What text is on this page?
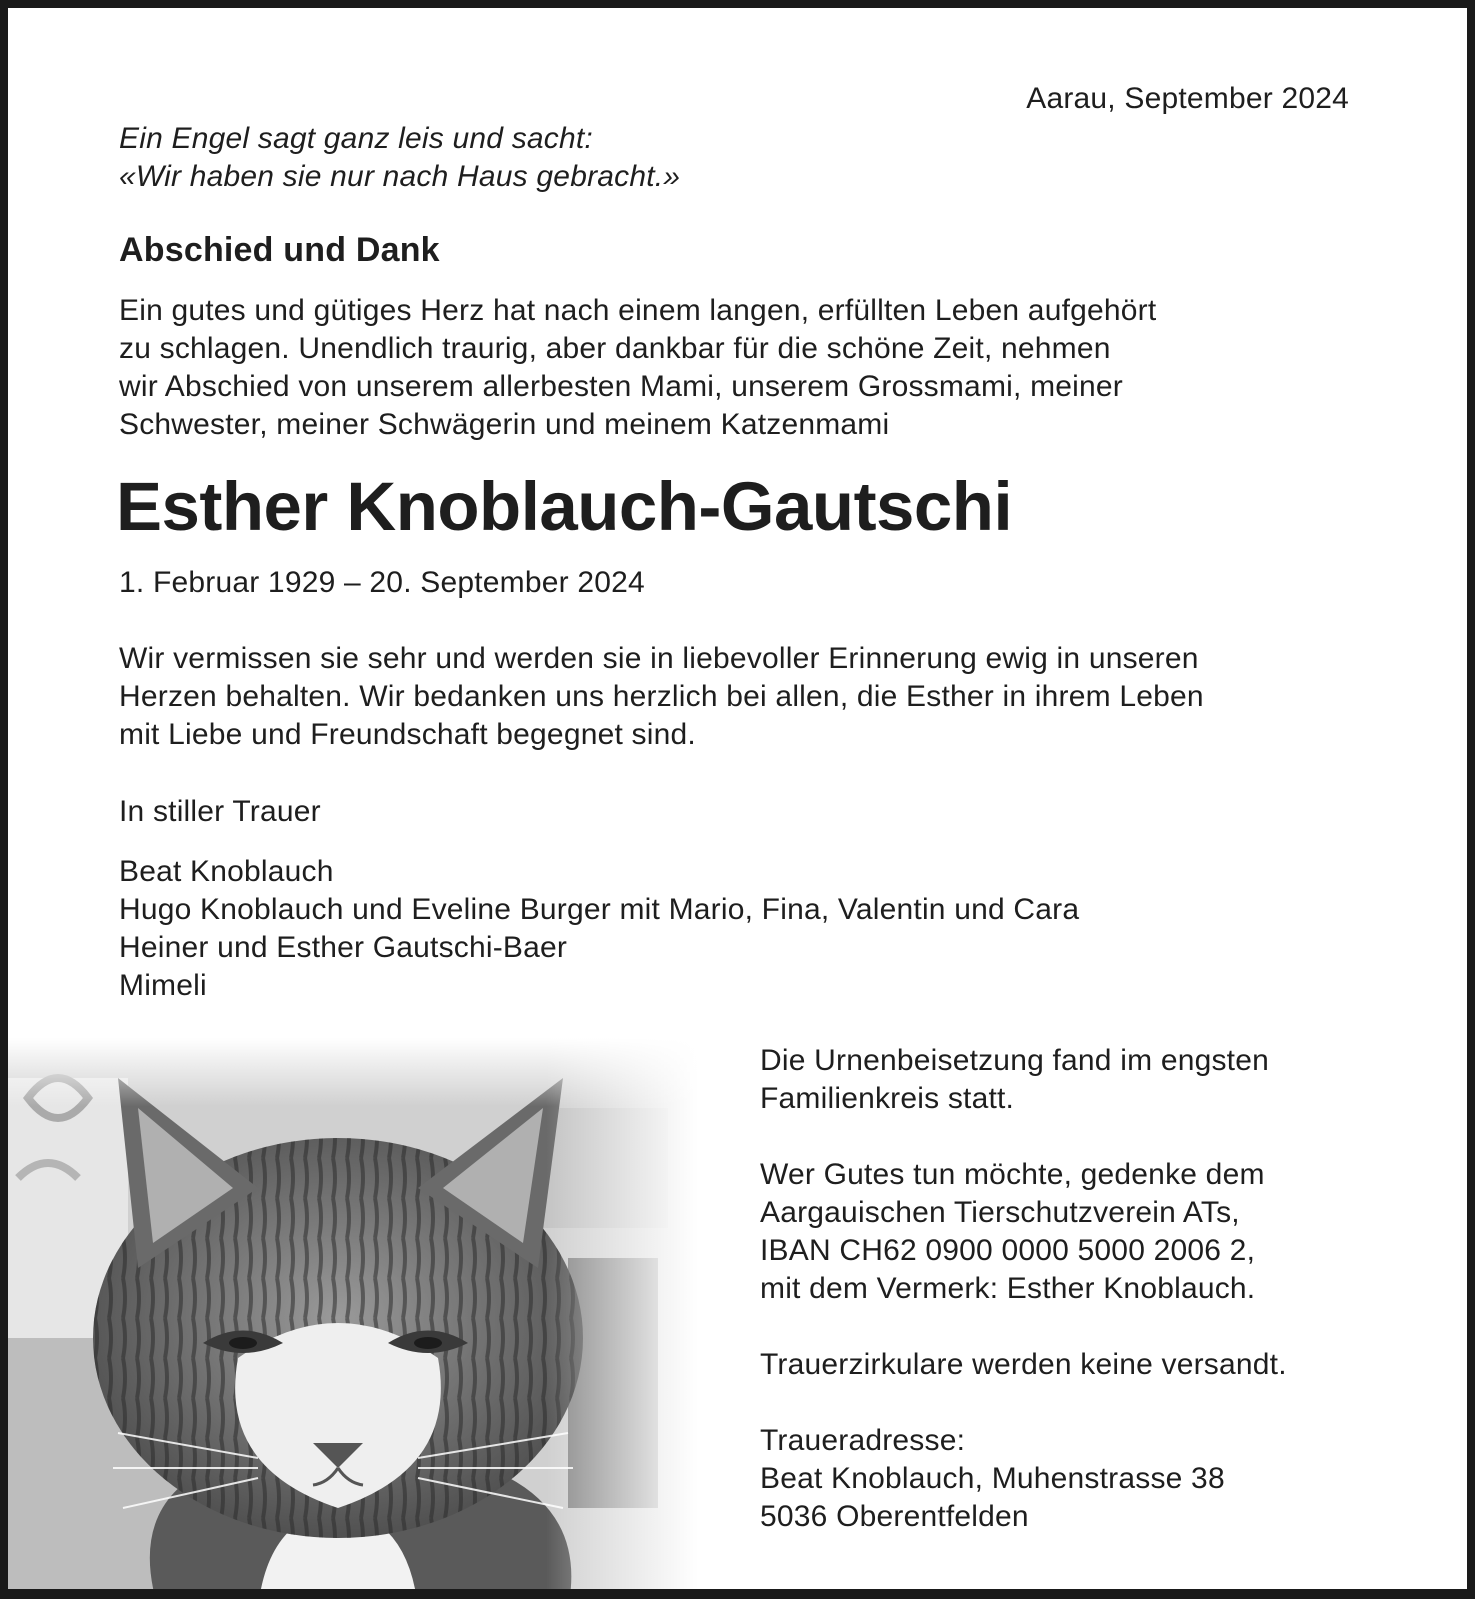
Aarau, September 2024
Ein Engel sagt ganz leis und sacht:
«Wir haben sie nur nach Haus gebracht.»
Abschied und Dank
Ein gutes und gütiges Herz hat nach einem langen, erfüllten Leben aufgehört
zu schlagen. Unendlich traurig, aber dankbar für die schöne Zeit, nehmen
wir Abschied von unserem allerbesten Mami, unserem Grossmami, meiner
Schwester, meiner Schwägerin und meinem Katzenmami
Esther Knoblauch-Gautschi
1. Februar 1929 – 20. September 2024
Wir vermissen sie sehr und werden sie in liebevoller Erinnerung ewig in unseren
Herzen behalten. Wir bedanken uns herzlich bei allen, die Esther in ihrem Leben
mit Liebe und Freundschaft begegnet sind.
In stiller Trauer
Beat Knoblauch
Hugo Knoblauch und Eveline Burger mit Mario, Fina, Valentin und Cara
Heiner und Esther Gautschi-Baer
Mimeli
Die Urnenbeisetzung fand im engsten
Familienkreis statt.
Wer Gutes tun möchte, gedenke dem
Aargauischen Tierschutzverein ATs,
IBAN CH62 0900 0000 5000 2006 2,
mit dem Vermerk: Esther Knoblauch.
Trauerzirkulare werden keine versandt.
Traueradresse:
Beat Knoblauch, Muhenstrasse 38
5036 Oberentfelden
